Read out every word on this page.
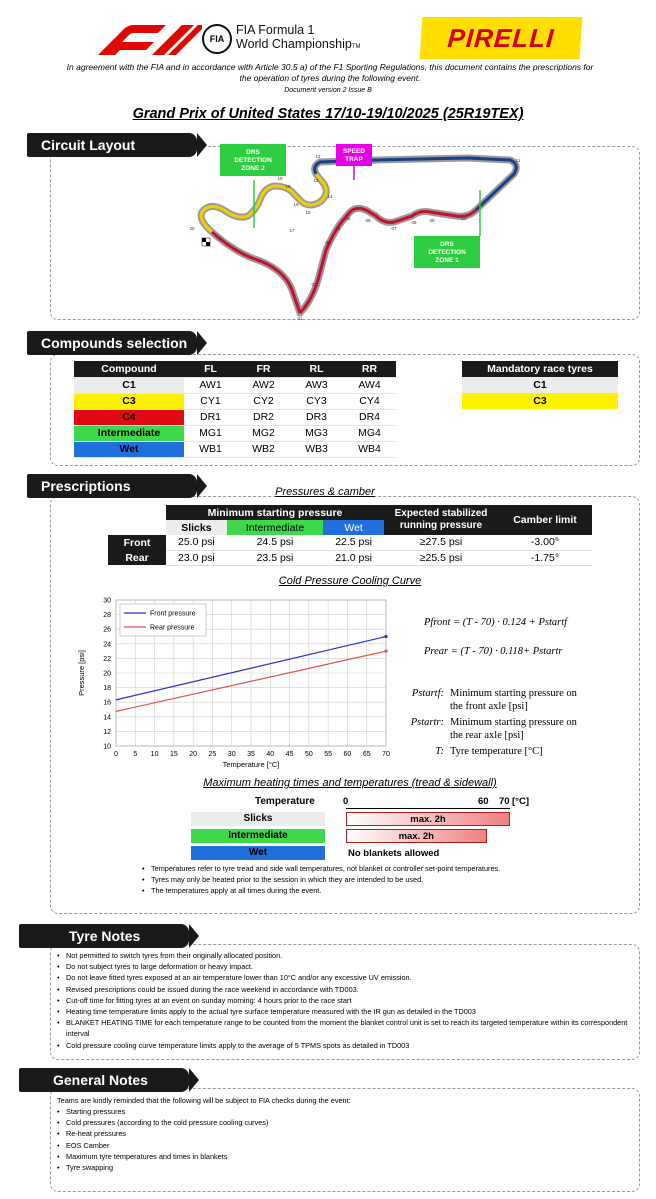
FIA
FIA Formula 1
World ChampionshipTM	PIRELLI
In agreement with the FIA and in accordance with Article 30.5 a) of the F1 Sporting Regulations, this document contains the prescriptions for
the operation of tyres during the following event.
Document version 2 Issue B
Grand Prix of United States 17/10-19/10/2025 (25R19TEX)
Circuit Layout	DRS
DETECTION
ZONE 2
SPEED
TRAP
DRS
DETECTION
ZONE 1
01
02
03
04
05	06
07
08	09	10
11
12
13
14
15
16
17
18
19
20
Compounds selection
Compound	FL	FR	RL	RR
C1	AW1	AW2	AW3	AW4
C3	CY1	CY2	CY3	CY4
C4	DR1	DR2	DR3	DR4
Intermediate	MG1	MG2	MG3	MG4
Wet	WB1	WB2	WB3	WB4
Mandatory race tyres
C1
C3
Prescriptions	Pressures & camber
	Minimum starting pressure			Expected stabilized running pressure	Camber limit
	Slicks	Intermediate	Wet		
Front	25.0 psi	24.5 psi	22.5 psi	≥27.5 psi	-3.00°
Rear	23.0 psi	23.5 psi	21.0 psi	≥25.5 psi	-1.75°
Cold Pressure Cooling Curve
0 5 10 15 20 25 30 35 40 45 50 55 60 65 70
10
12
14
16
18
20
22
24
26
28
30
Temperature [°C]
Pressure [psi]
Front pressure
Rear pressure	Pfront = (T - 70) · 0.124 + Pstartf
Prear = (T - 70) · 0.118+ Pstartr
Pstartf: Minimum starting pressure on
the front axle [psi]
Pstartr: Minimum starting pressure on
the rear axle [psi]
T: Tyre temperature [°C]
Maximum heating times and temperatures (tread & sidewall)
Temperature	0	60 70 [°C]
Slicks	max. 2h
Intermediate	max. 2h
Wet	No blankets allowed
• Temperatures refer to tyre tread and side wall temperatures, not blanket or controller set-point temperatures.
• Tyres may only be heated prior to the session in which they are intended to be used.
• The temperatures apply at all times during the event.
Tyre Notes
• Not permitted to switch tyres from their originally allocated position.
• Do not subject tyres to large deformation or heavy impact.
• Do not leave fitted tyres exposed at an air temperature lower than 10°C and/or any excessive UV emission.
• Revised prescriptions could be issued during the race weekend in accordance with TD003.
• Cut-off time for fitting tyres at an event on sunday morning: 4 hours prior to the race start
• Heating time temperature limits apply to the actual tyre surface temperature measured with the IR gun as detailed in the TD003
• BLANKET HEATING TIME for each temperature range to be counted from the moment the blanket control unit is set to reach its targeted temperature within its correspondent interval
• Cold pressure cooling curve temperature limits apply to the average of 5 TPMS spots as detailed in TD003
General Notes
Teams are kindly reminded that the following will be subject to FIA checks during the event:
• Starting pressures
• Cold pressures (according to the cold pressure cooling curves)
• Re-heat pressures
• EOS Camber
• Maximum tyre temperatures and times in blankets
• Tyre swapping
